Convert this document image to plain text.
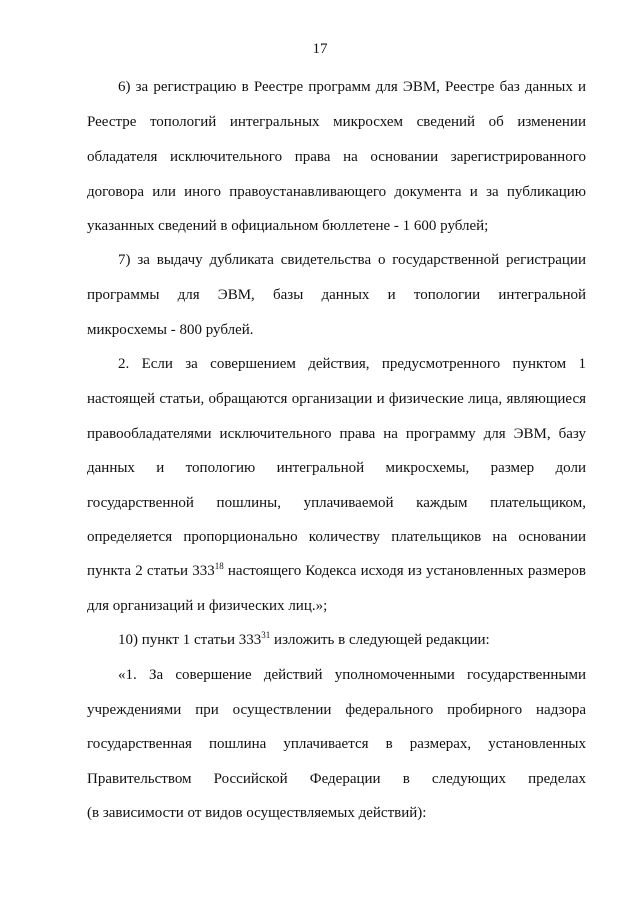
17
6) за регистрацию в Реестре программ для ЭВМ, Реестре баз данных и
Реестре топологий интегральных микросхем сведений об изменении
обладателя исключительного права на основании зарегистрированного
договора или иного правоустанавливающего документа и за публикацию
указанных сведений в официальном бюллетене - 1 600 рублей;
7) за выдачу дубликата свидетельства о государственной регистрации
программы для ЭВМ, базы данных и топологии интегральной
микросхемы - 800 рублей.
2. Если за совершением действия, предусмотренного пунктом 1
настоящей статьи, обращаются организации и физические лица, являющиеся
правообладателями исключительного права на программу для ЭВМ, базу
данных и топологию интегральной микросхемы, размер доли
государственной пошлины, уплачиваемой каждым плательщиком,
определяется пропорционально количеству плательщиков на основании
пункта 2 статьи $333^{18}$ настоящего Кодекса исходя из установленных размеров
для организаций и физических лиц.»;
10) пункт 1 статьи $333^{31}$ изложить в следующей редакции:
«1. За совершение действий уполномоченными государственными
учреждениями при осуществлении федерального пробирного надзора
государственная пошлина уплачивается в размерах, установленных
Правительством Российской Федерации в следующих пределах
(в зависимости от видов осуществляемых действий):
